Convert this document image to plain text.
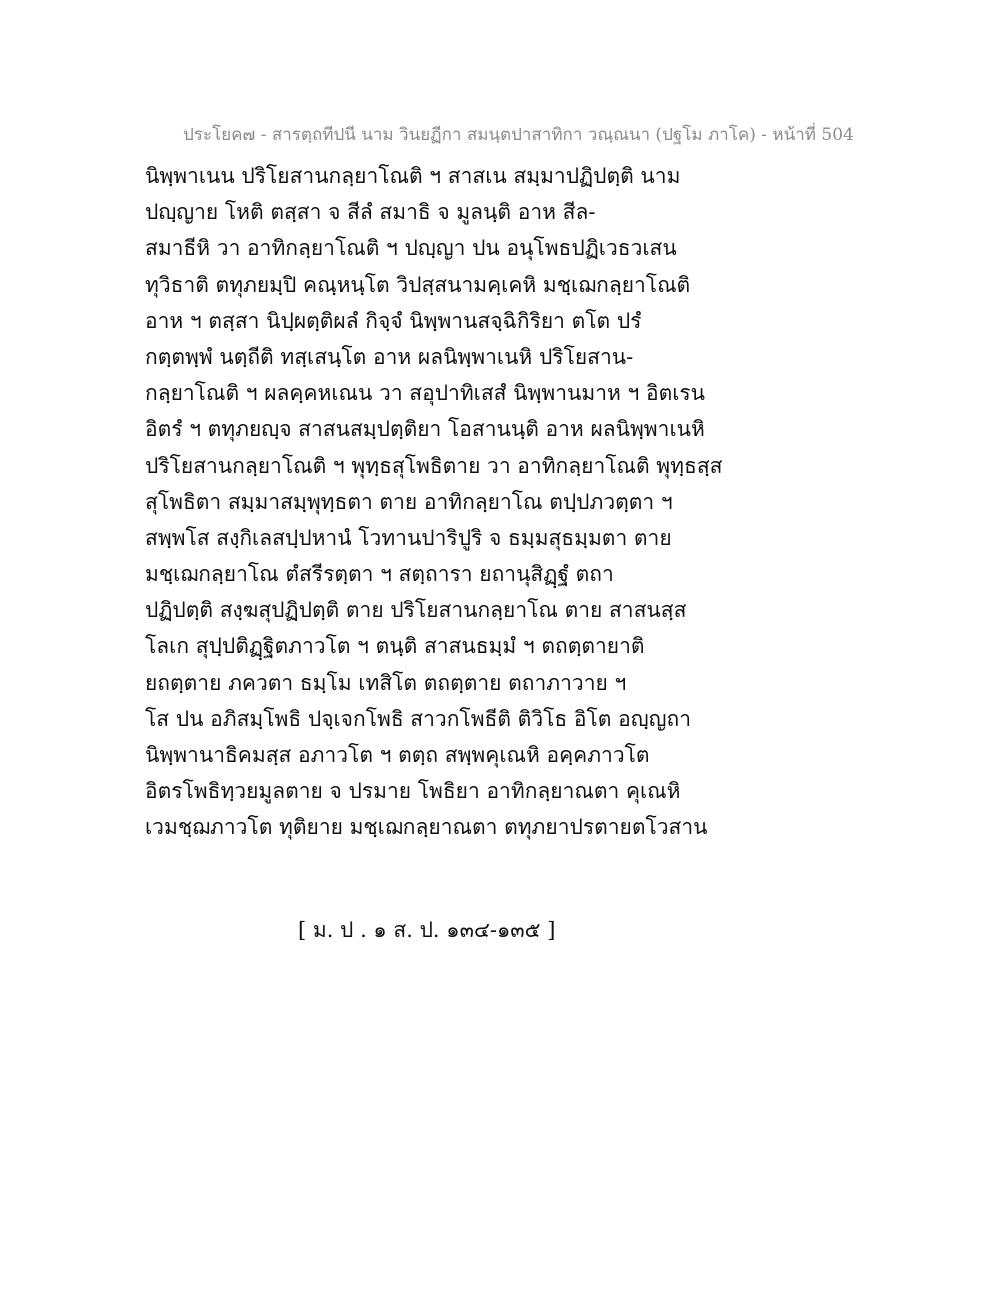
ประโยค๗ - สารตฺถทีปนี นาม วินยฏีกา สมนฺตปาสาทิกา วณฺณนา (ปฐโม ภาโค) - หน้าที่ 504
นิพฺพาเนน ปริโยสานกลฺยาโณติ ฯ สาสเน สมฺมาปฏิปตฺติ นาม
ปญฺญาย โหติ ตสฺสา จ สีลํ สมาธิ จ มูลนฺติ อาห สีล-
สมาธีหิ วา อาทิกลฺยาโณติ ฯ ปญฺญา ปน อนุโพธปฏิเวธวเสน
ทุวิธาติ ตทุภยมฺปิ คณฺหนฺโต วิปสฺสนามคฺเคหิ มชฺเฌกลฺยาโณติ
อาห ฯ ตสฺสา นิปฺผตฺติผลํ กิจฺจํ นิพฺพานสจฺฉิกิริยา ตโต ปรํ
กตฺตพฺพํ นตฺถีติ ทสฺเสนฺโต อาห ผลนิพฺพาเนหิ ปริโยสาน-
กลฺยาโณติ ฯ ผลคฺคหเณน วา สอุปาทิเสสํ นิพฺพานมาห ฯ อิตเรน
อิตรํ ฯ ตทุภยญฺจ สาสนสมฺปตฺติยา โอสานนฺติ อาห ผลนิพฺพาเนหิ
ปริโยสานกลฺยาโณติ ฯ พุทฺธสุโพธิตาย วา อาทิกลฺยาโณติ พุทฺธสฺส
สุโพธิตา สมฺมาสมฺพุทฺธตา ตาย อาทิกลฺยาโณ ตปฺปภวตฺตา ฯ
สพฺพโส สงฺกิเลสปฺปหานํ โวทานปาริปูริ จ ธมฺมสุธมฺมตา ตาย
มชฺเฌกลฺยาโณ ตํสรีรตฺตา ฯ สตฺถารา ยถานุสิฏฺฐํ ตถา
ปฏิปตฺติ สงฺฆสุปฏิปตฺติ ตาย ปริโยสานกลฺยาโณ ตาย สาสนสฺส
โลเก สุปฺปติฏฺฐิตภาวโต ฯ ตนฺติ สาสนธมฺมํ ฯ ตถตฺตายาติ
ยถตฺตาย ภควตา ธมฺโม เทสิโต ตถตฺตาย ตถาภาวาย ฯ
โส ปน อภิสมฺโพธิ ปจฺเจกโพธิ สาวกโพธีติ ติวิโธ อิโต อญฺญถา
นิพฺพานาธิคมสฺส อภาวโต ฯ ตตฺถ สพฺพคุเณหิ อคฺคภาวโต
อิตรโพธิทฺวยมูลตาย จ ปรมาย โพธิยา อาทิกลฺยาณตา คุเณหิ
เวมชฺฌภาวโต ทุติยาย มชฺเฌกลฺยาณตา ตทุภยาปรตายตโวสาน
[ ม. ป . ๑ ส. ป. ๑๓๔-๑๓๕ ]
